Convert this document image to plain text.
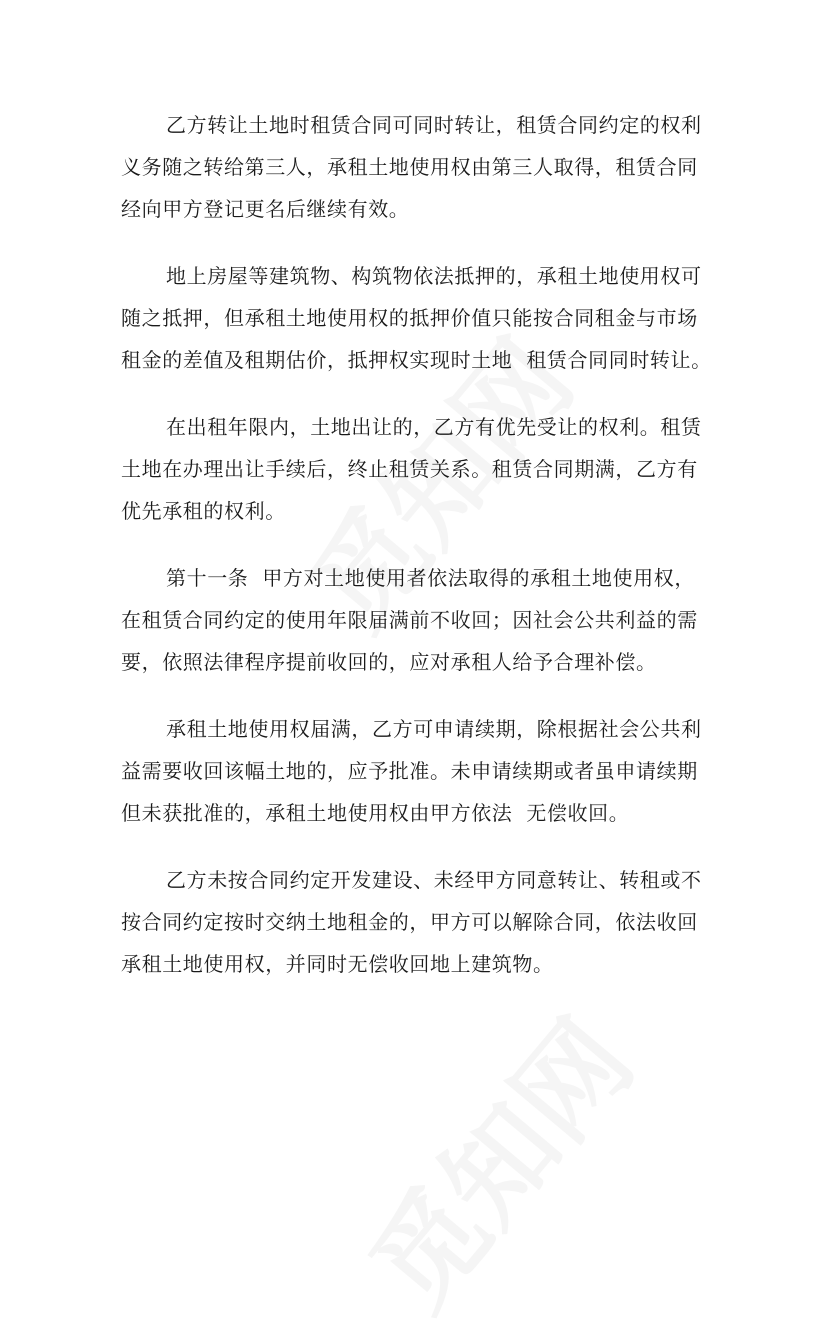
乙方转让土地时租赁合同可同时转让，租赁合同约定的权利
义务随之转给第三人，承租土地使用权由第三人取得，租赁合同
经向甲方登记更名后继续有效。

地上房屋等建筑物、构筑物依法抵押的，承租土地使用权可
随之抵押，但承租土地使用权的抵押价值只能按合同租金与市场
租金的差值及租期估价，抵押权实现时土地  租赁合同同时转让。

在出租年限内，土地出让的，乙方有优先受让的权利。租赁
土地在办理出让手续后，终止租赁关系。租赁合同期满，乙方有
优先承租的权利。

第十一条  甲方对土地使用者依法取得的承租土地使用权，
在租赁合同约定的使用年限届满前不收回；因社会公共利益的需
要，依照法律程序提前收回的，应对承租人给予合理补偿。

承租土地使用权届满，乙方可申请续期，除根据社会公共利
益需要收回该幅土地的，应予批准。未申请续期或者虽申请续期
但未获批准的，承租土地使用权由甲方依法  无偿收回。

乙方未按合同约定开发建设、未经甲方同意转让、转租或不
按合同约定按时交纳土地租金的，甲方可以解除合同，依法收回
承租土地使用权，并同时无偿收回地上建筑物。
